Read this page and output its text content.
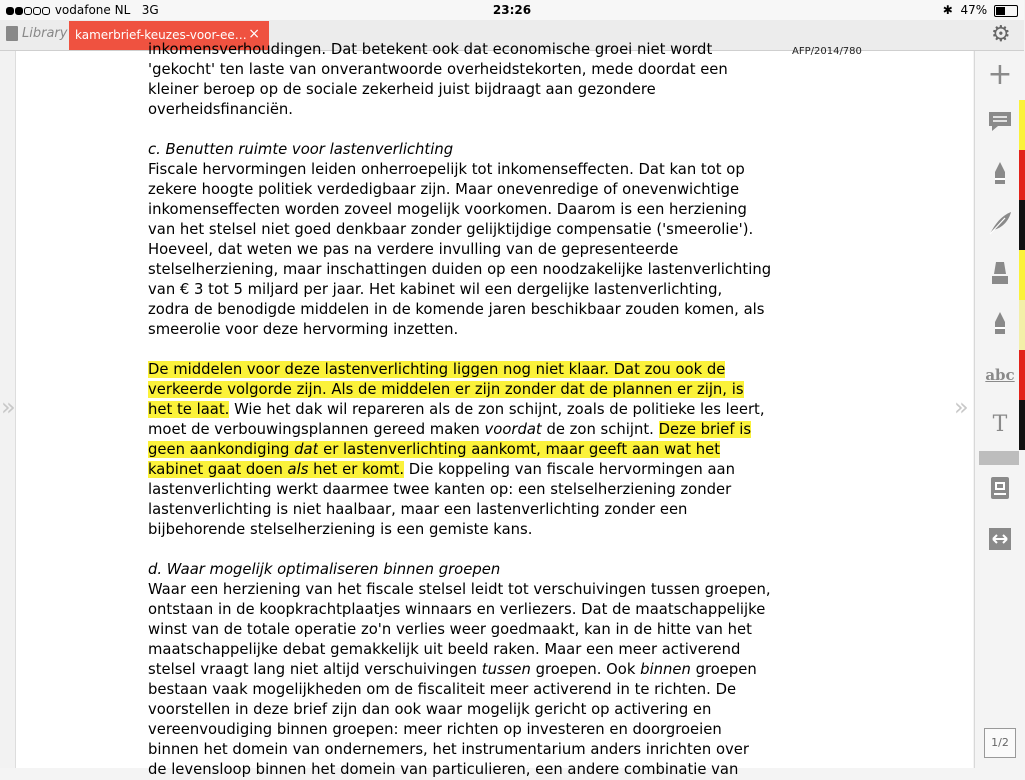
vodafone NL 3G	23:26	✱ 47%
Library kamerbrief-keuzes-voor-ee… ×	⚙
»
AFP/2014/780

inkomensverhoudingen. Dat betekent ook dat economische groei niet wordt

'gekocht' ten laste van onverantwoorde overheidstekorten, mede doordat een

kleiner beroep op de sociale zekerheid juist bijdraagt aan gezondere

overheidsfinanciën.

c. Benutten ruimte voor lastenverlichting

Fiscale hervormingen leiden onherroepelijk tot inkomenseffecten. Dat kan tot op

zekere hoogte politiek verdedigbaar zijn. Maar onevenredige of onevenwichtige

inkomenseffecten worden zoveel mogelijk voorkomen. Daarom is een herziening

van het stelsel niet goed denkbaar zonder gelijktijdige compensatie ('smeerolie').

Hoeveel, dat weten we pas na verdere invulling van de gepresenteerde

stelselherziening, maar inschattingen duiden op een noodzakelijke lastenverlichting

van € 3 tot 5 miljard per jaar. Het kabinet wil een dergelijke lastenverlichting,

zodra de benodigde middelen in de komende jaren beschikbaar zouden komen, als

smeerolie voor deze hervorming inzetten.

De middelen voor deze lastenverlichting liggen nog niet klaar. Dat zou ook de

verkeerde volgorde zijn. Als de middelen er zijn zonder dat de plannen er zijn, is

het te laat. Wie het dak wil repareren als de zon schijnt, zoals de politieke les leert,

moet de verbouwingsplannen gereed maken voordat de zon schijnt. Deze brief is

geen aankondiging dat er lastenverlichting aankomt, maar geeft aan wat het

kabinet gaat doen als het er komt. Die koppeling van fiscale hervormingen aan

lastenverlichting werkt daarmee twee kanten op: een stelselherziening zonder

lastenverlichting is niet haalbaar, maar een lastenverlichting zonder een

bijbehorende stelselherziening is een gemiste kans.

d. Waar mogelijk optimaliseren binnen groepen

Waar een herziening van het fiscale stelsel leidt tot verschuivingen tussen groepen,

ontstaan in de koopkrachtplaatjes winnaars en verliezers. Dat de maatschappelijke

winst van de totale operatie zo'n verlies weer goedmaakt, kan in de hitte van het

maatschappelijke debat gemakkelijk uit beeld raken. Maar een meer activerend

stelsel vraagt lang niet altijd verschuivingen tussen groepen. Ook binnen groepen

bestaan vaak mogelijkheden om de fiscaliteit meer activerend in te richten. De

voorstellen in deze brief zijn dan ook waar mogelijk gericht op activering en

vereenvoudiging binnen groepen: meer richten op investeren en doorgroeien

binnen het domein van ondernemers, het instrumentarium anders inrichten over

de levensloop binnen het domein van particulieren, een andere combinatie van

»
+
abc
T
1/2
